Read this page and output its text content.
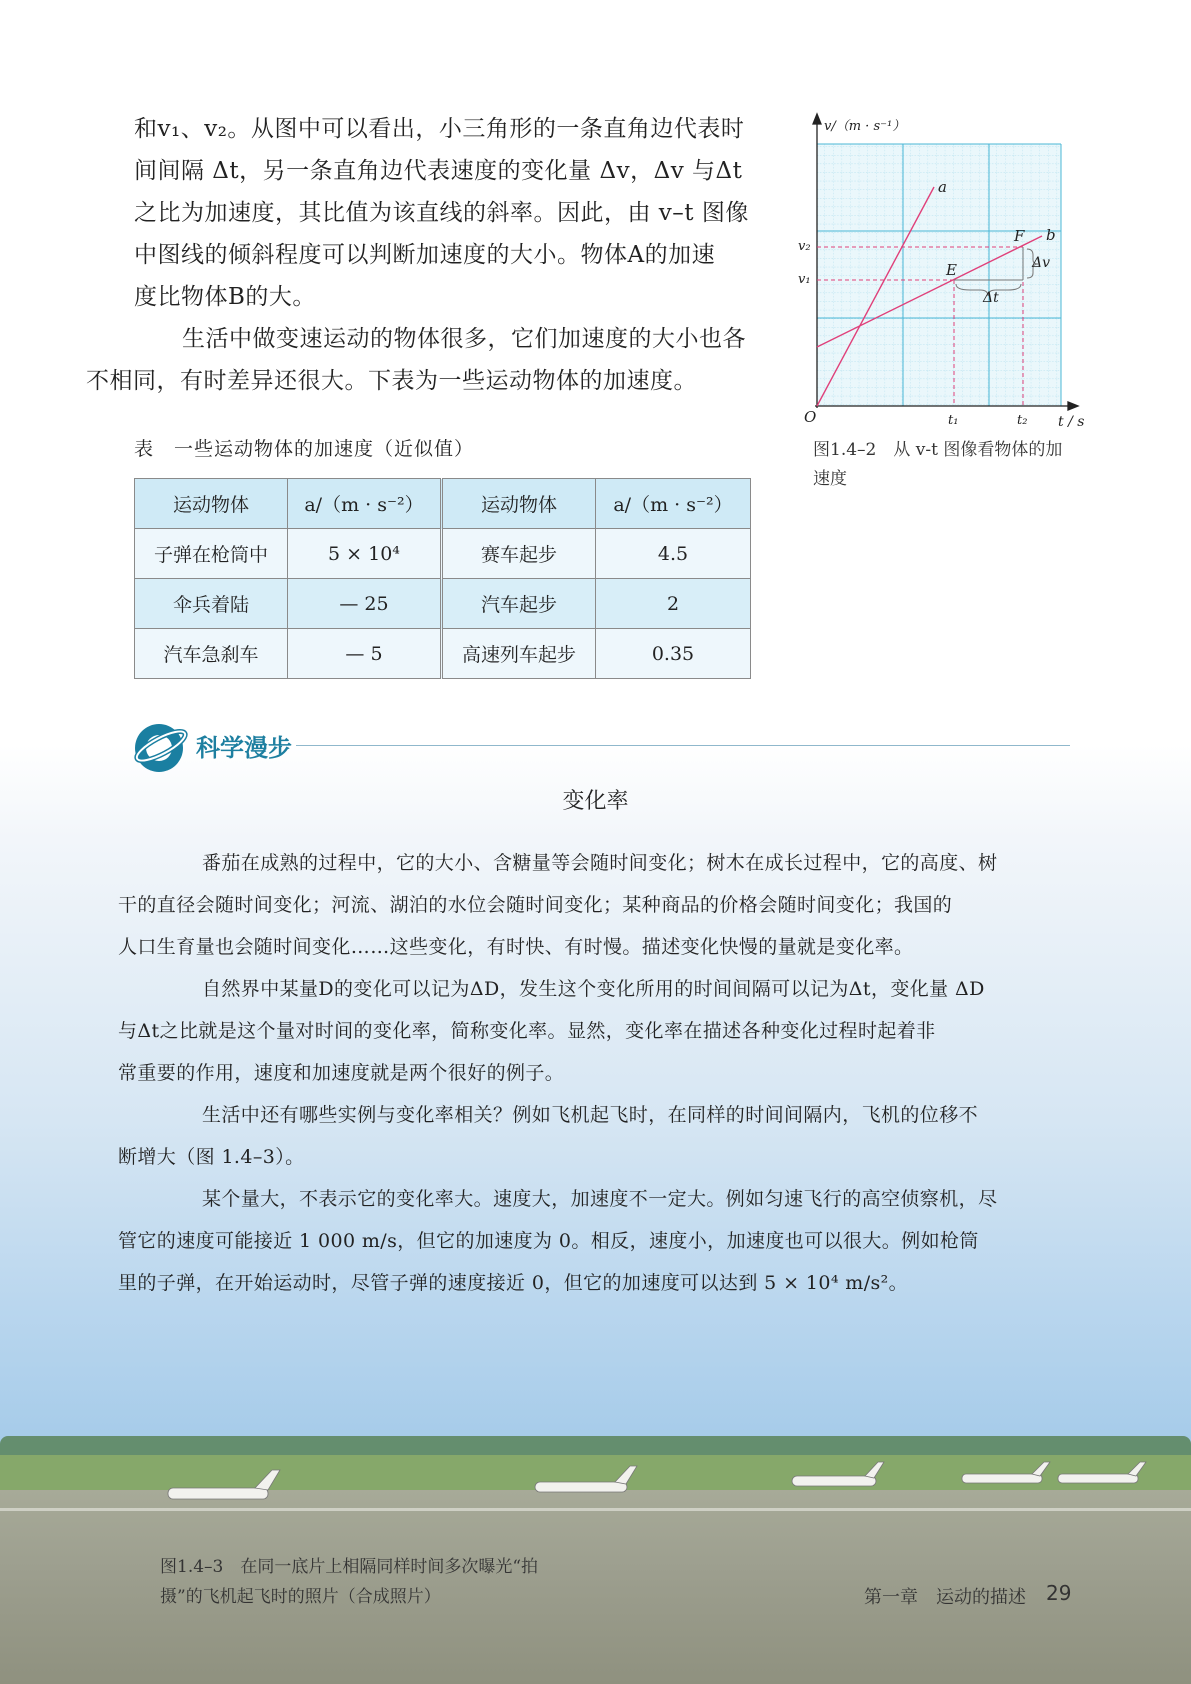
和v₁、v₂。从图中可以看出，小三角形的一条直角边代表时
间间隔 Δt，另一条直角边代表速度的变化量 Δv，Δv 与Δt
之比为加速度，其比值为该直线的斜率。因此，由 v–t 图像
中图线的倾斜程度可以判断加速度的大小。物体A的加速
度比物体B的大。

生活中做变速运动的物体很多，它们加速度的大小也各
不相同，有时差异还很大。下表为一些运动物体的加速度。

表　一些运动物体的加速度（近似值）
运动物体	a/（m · s⁻²）	运动物体	a/（m · s⁻²）
子弹在枪筒中	5 × 10⁴	赛车起步	4.5
伞兵着陆	— 25	汽车起步	2
汽车急刹车	— 5	高速列车起步	0.35
v/（m · s⁻¹）
t / s
O
a
b
E
F
v₂
v₁
t₁	t₂
Δv
Δt
图1.4–2　从 v-t 图像看物体的加
速度
科学漫步
变化率

番茄在成熟的过程中，它的大小、含糖量等会随时间变化；树木在成长过程中，它的高度、树
干的直径会随时间变化；河流、湖泊的水位会随时间变化；某种商品的价格会随时间变化；我国的
人口生育量也会随时间变化……这些变化，有时快、有时慢。描述变化快慢的量就是变化率。

自然界中某量D的变化可以记为ΔD，发生这个变化所用的时间间隔可以记为Δt，变化量 ΔD
与Δt之比就是这个量对时间的变化率，简称变化率。显然，变化率在描述各种变化过程时起着非
常重要的作用，速度和加速度就是两个很好的例子。

生活中还有哪些实例与变化率相关？例如飞机起飞时，在同样的时间间隔内，飞机的位移不
断增大（图 1.4–3）。

某个量大，不表示它的变化率大。速度大，加速度不一定大。例如匀速飞行的高空侦察机，尽
管它的速度可能接近 1 000 m/s，但它的加速度为 0。相反，速度小，加速度也可以很大。例如枪筒
里的子弹，在开始运动时，尽管子弹的速度接近 0，但它的加速度可以达到 5 × 10⁴ m/s²。

图1.4–3　在同一底片上相隔同样时间多次曝光“拍
摄”的飞机起飞时的照片（合成照片）	第一章　运动的描述 29
